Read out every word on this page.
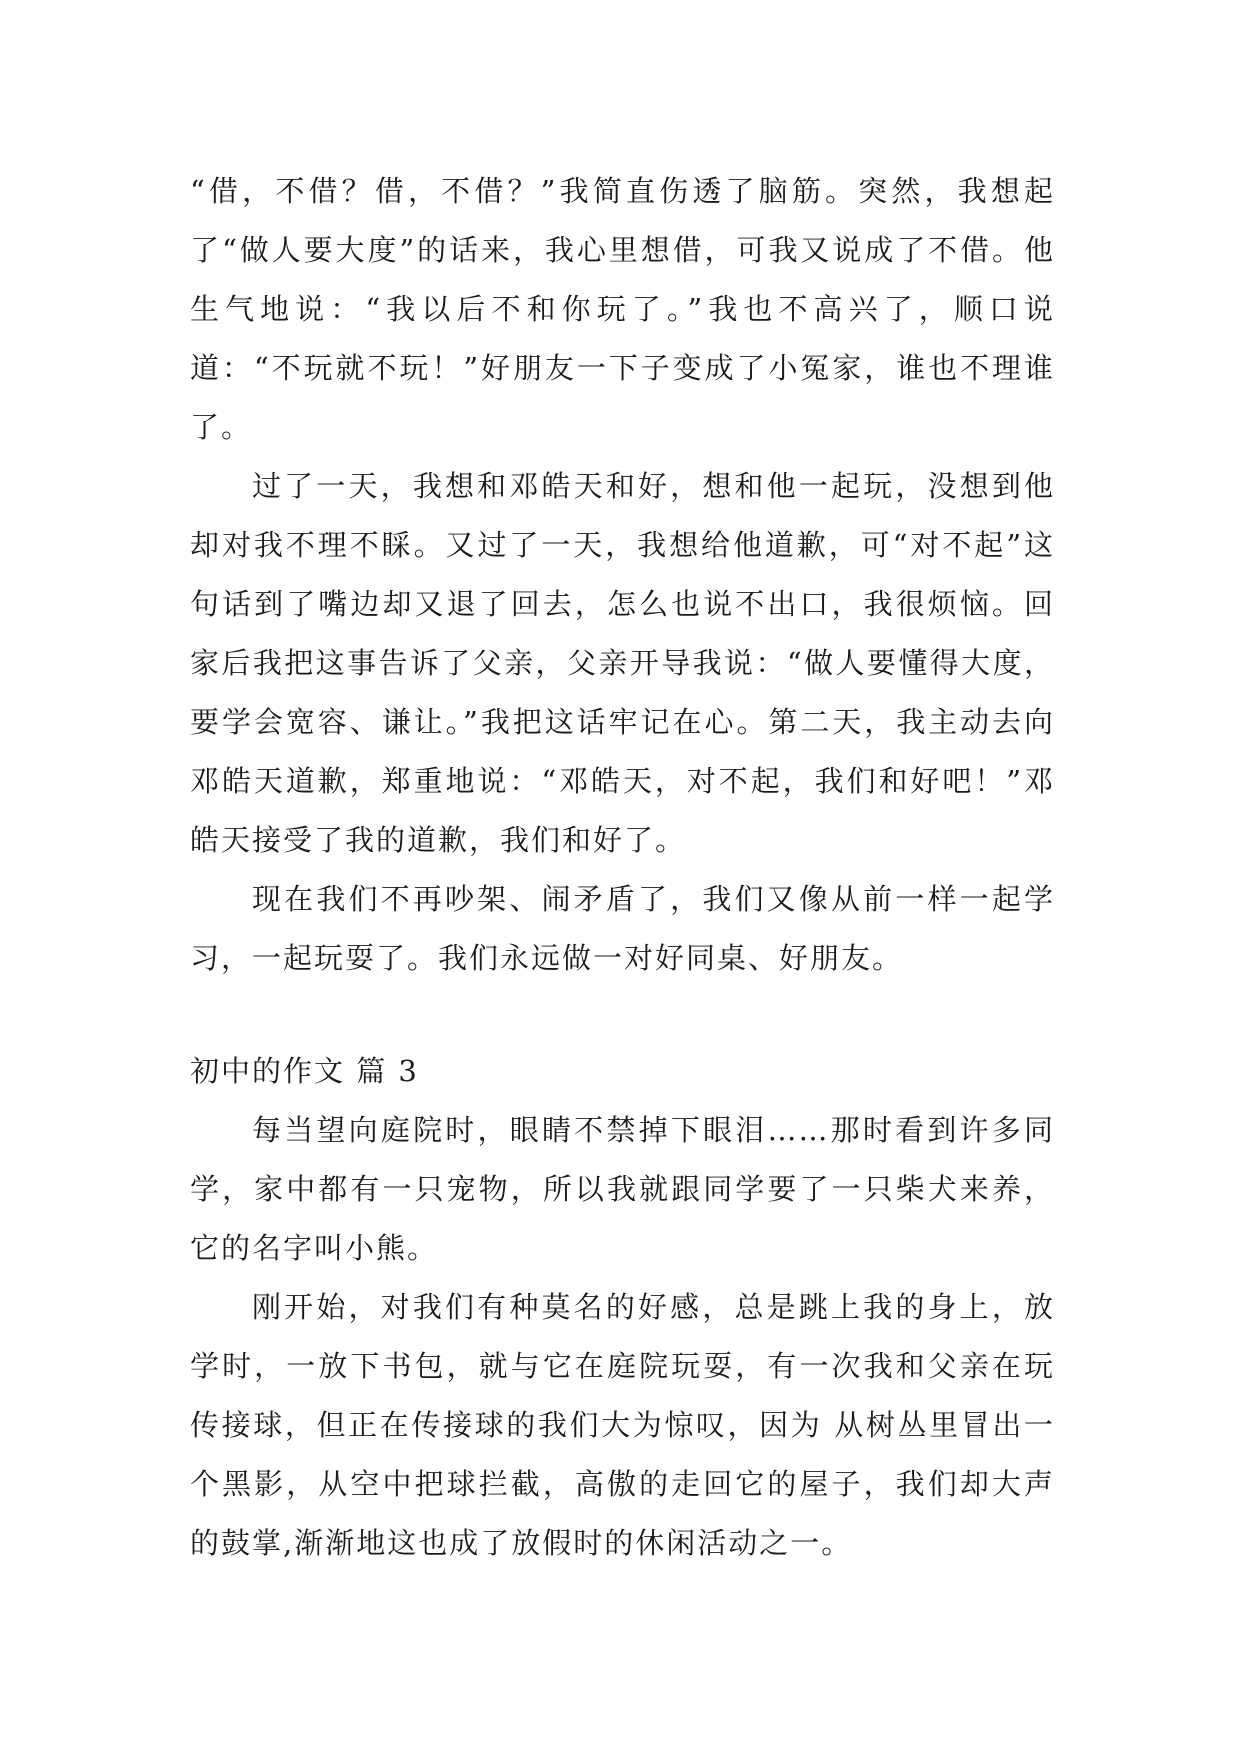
“借，不借？借，不借？”我简直伤透了脑筋。突然，我想起了“做人要大度”的话来，我心里想借，可我又说成了不借。他生气地说：“我以后不和你玩了。”我也不高兴了，顺口说道：“不玩就不玩！”好朋友一下子变成了小冤家，谁也不理谁了。

过了一天，我想和邓皓天和好，想和他一起玩，没想到他却对我不理不睬。又过了一天，我想给他道歉，可“对不起”这句话到了嘴边却又退了回去，怎么也说不出口，我很烦恼。回家后我把这事告诉了父亲，父亲开导我说：“做人要懂得大度，要学会宽容、谦让。”我把这话牢记在心。第二天，我主动去向邓皓天道歉，郑重地说：“邓皓天，对不起，我们和好吧！”邓皓天接受了我的道歉，我们和好了。

现在我们不再吵架、闹矛盾了，我们又像从前一样一起学习，一起玩耍了。我们永远做一对好同桌、好朋友。

初中的作文 篇 3

每当望向庭院时，眼睛不禁掉下眼泪……那时看到许多同学，家中都有一只宠物，所以我就跟同学要了一只柴犬来养，它的名字叫小熊。

刚开始，对我们有种莫名的好感，总是跳上我的身上，放学时，一放下书包，就与它在庭院玩耍，有一次我和父亲在玩传接球，但正在传接球的我们大为惊叹，因为 从树丛里冒出一个黑影，从空中把球拦截，高傲的走回它的屋子，我们却大声的鼓掌,渐渐地这也成了放假时的休闲活动之一。
